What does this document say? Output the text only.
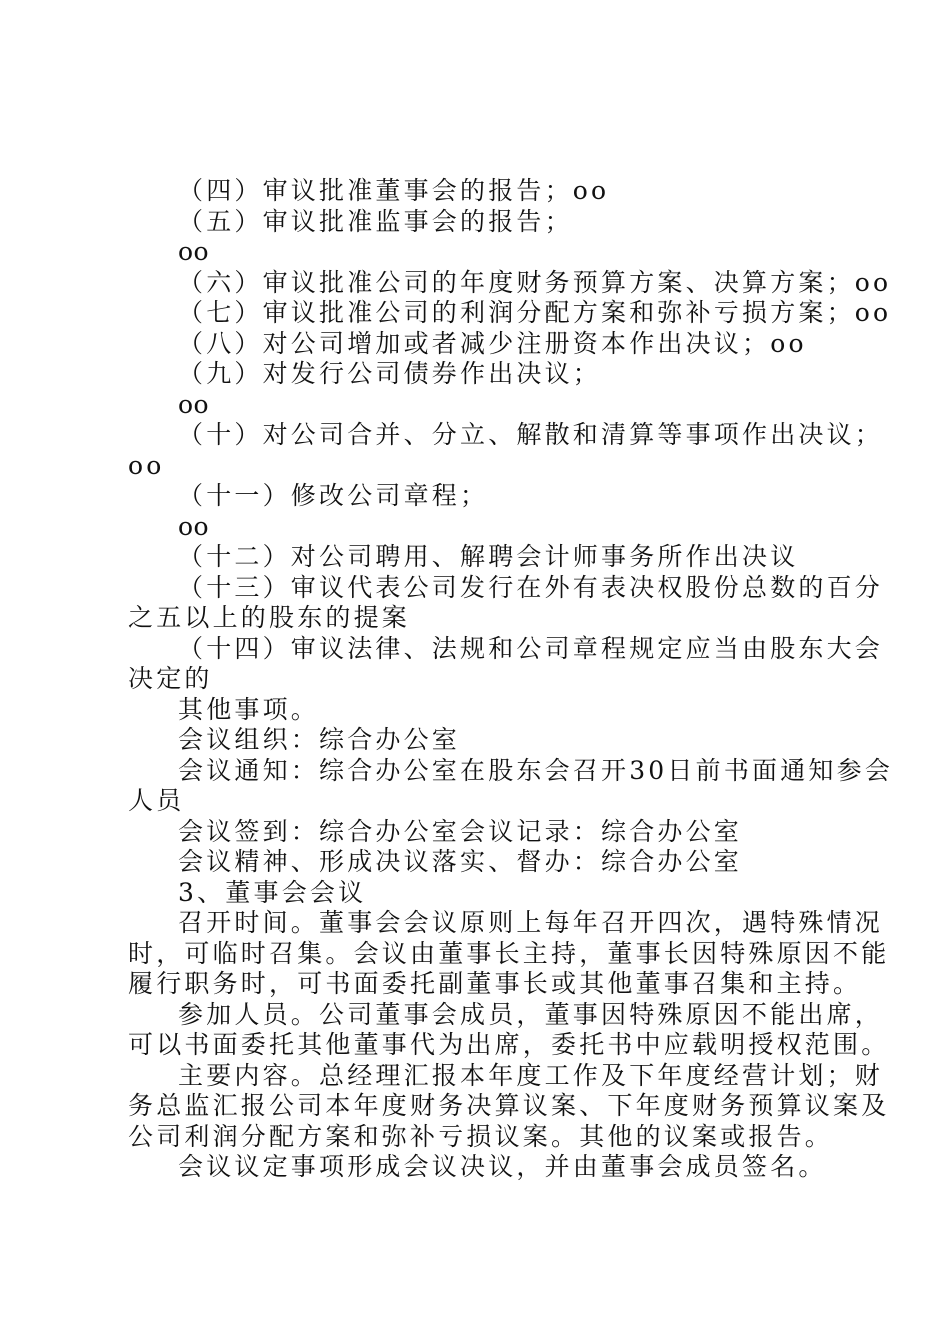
（四）审议批准董事会的报告；oo
（五）审议批准监事会的报告；
oo
（六）审议批准公司的年度财务预算方案、决算方案；oo
（七）审议批准公司的利润分配方案和弥补亏损方案；oo
（八）对公司增加或者减少注册资本作出决议；oo
（九）对发行公司债券作出决议；
oo
（十）对公司合并、分立、解散和清算等事项作出决议；
oo
（十一）修改公司章程；
oo
（十二）对公司聘用、解聘会计师事务所作出决议
（十三）审议代表公司发行在外有表决权股份总数的百分
之五以上的股东的提案
（十四）审议法律、法规和公司章程规定应当由股东大会
决定的
其他事项。
会议组织：综合办公室
会议通知：综合办公室在股东会召开30日前书面通知参会
人员
会议签到：综合办公室会议记录：综合办公室
会议精神、形成决议落实、督办：综合办公室
3、董事会会议
召开时间。董事会会议原则上每年召开四次，遇特殊情况
时，可临时召集。会议由董事长主持，董事长因特殊原因不能
履行职务时，可书面委托副董事长或其他董事召集和主持。
参加人员。公司董事会成员，董事因特殊原因不能出席，
可以书面委托其他董事代为出席，委托书中应载明授权范围。
主要内容。总经理汇报本年度工作及下年度经营计划；财
务总监汇报公司本年度财务决算议案、下年度财务预算议案及
公司利润分配方案和弥补亏损议案。其他的议案或报告。
会议议定事项形成会议决议，并由董事会成员签名。
